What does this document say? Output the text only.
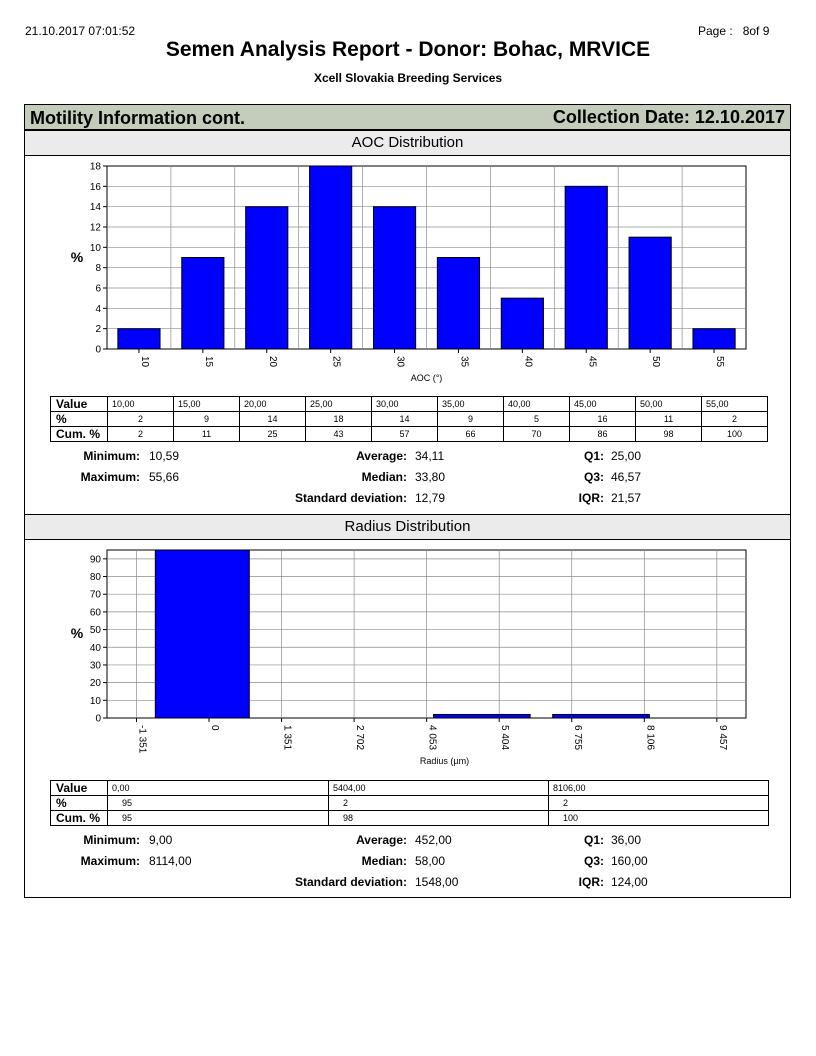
21.10.2017 07:01:52	Page :   8of 9
Semen Analysis Report - Donor: Bohac, MRVICE
Xcell Slovakia Breeding Services
Motility Information cont.	Collection Date: 12.10.2017
AOC Distribution
0
2
4
6
8
10
12
14
16
18
10	15	20	25	30	35	40	45	50	55
AOC (°)
%
Value	10,00	15,00	20,00	25,00	30,00	35,00	40,00	45,00	50,00	55,00
%	2	9	14	18	14	9	5	16	11	2
Cum. %	2	11	25	43	57	66	70	86	98	100
Minimum: 10,59
Maximum: 55,66
Average: 34,11
Median: 33,80
Standard deviation: 12,79
Q1: 25,00
Q3: 46,57
IQR: 21,57
Radius Distribution
0
10
20
30
40
50
60
70
80
90
-1 351	0	1 351	2 702	4 053	5 404	6 755	8 106	9 457
Radius (µm)
%
Value	0,00	5404,00	8106,00
%	95	2	2
Cum. %	95	98	100
Minimum: 9,00
Maximum: 8114,00
Average: 452,00
Median: 58,00
Standard deviation: 1548,00
Q1: 36,00
Q3: 160,00
IQR: 124,00
